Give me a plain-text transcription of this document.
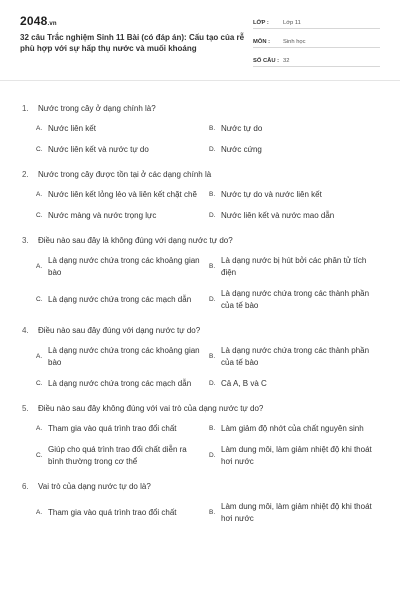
2048.vn
32 câu Trắc nghiệm Sinh 11 Bài (có đáp án): Cấu tạo của rễ phù hợp với sự hấp thụ nước và muối khoáng
LỚP :	Lớp 11
MÔN :	Sinh học
SỐ CÂU : 32
1.	Nước trong cây ở dạng chính là?
A. Nước liên kết	B. Nước tự do
C. Nước liên kết và nước tự do	D. Nước cứng
2.	Nước trong cây được tồn tại ở các dạng chính là
A. Nước liên kết lỏng lẻo và liên kết chặt chẽ	B. Nước tự do và nước liên kết
C. Nước màng và nước trọng lực	D. Nước liên kết và nước mao dẫn
3.	Điều nào sau đây là không đúng với dạng nước tự do?
A.
Là dạng nước chứa trong các khoảng gian bào
B.
Là dạng nước bị hút bởi các phân tử tích điện
C. Là dạng nước chứa trong các mạch dẫn	D.
Là dạng nước chứa trong các thành phần của tế bào
4.	Điều nào sau đây đúng với dạng nước tự do?
A.
Là dạng nước chứa trong các khoảng gian bào
B.
Là dạng nước chứa trong các thành phần của tế bào
C. Là dạng nước chứa trong các mạch dẫn	D. Cả A, B và C
5.	Điều nào sau đây không đúng với vai trò của dạng nước tự do?
A. Tham gia vào quá trình trao đổi chất	B. Làm giảm độ nhớt của chất nguyên sinh
C.
Giúp cho quá trình trao đổi chất diễn ra bình thường trong cơ thể
D.
Làm dung môi, làm giảm nhiệt độ khi thoát hơi nước
6.	Vai trò của dạng nước tự do là?
A. Tham gia vào quá trình trao đổi chất	B.
Làm dung môi, làm giảm nhiệt độ khi thoát hơi nước
